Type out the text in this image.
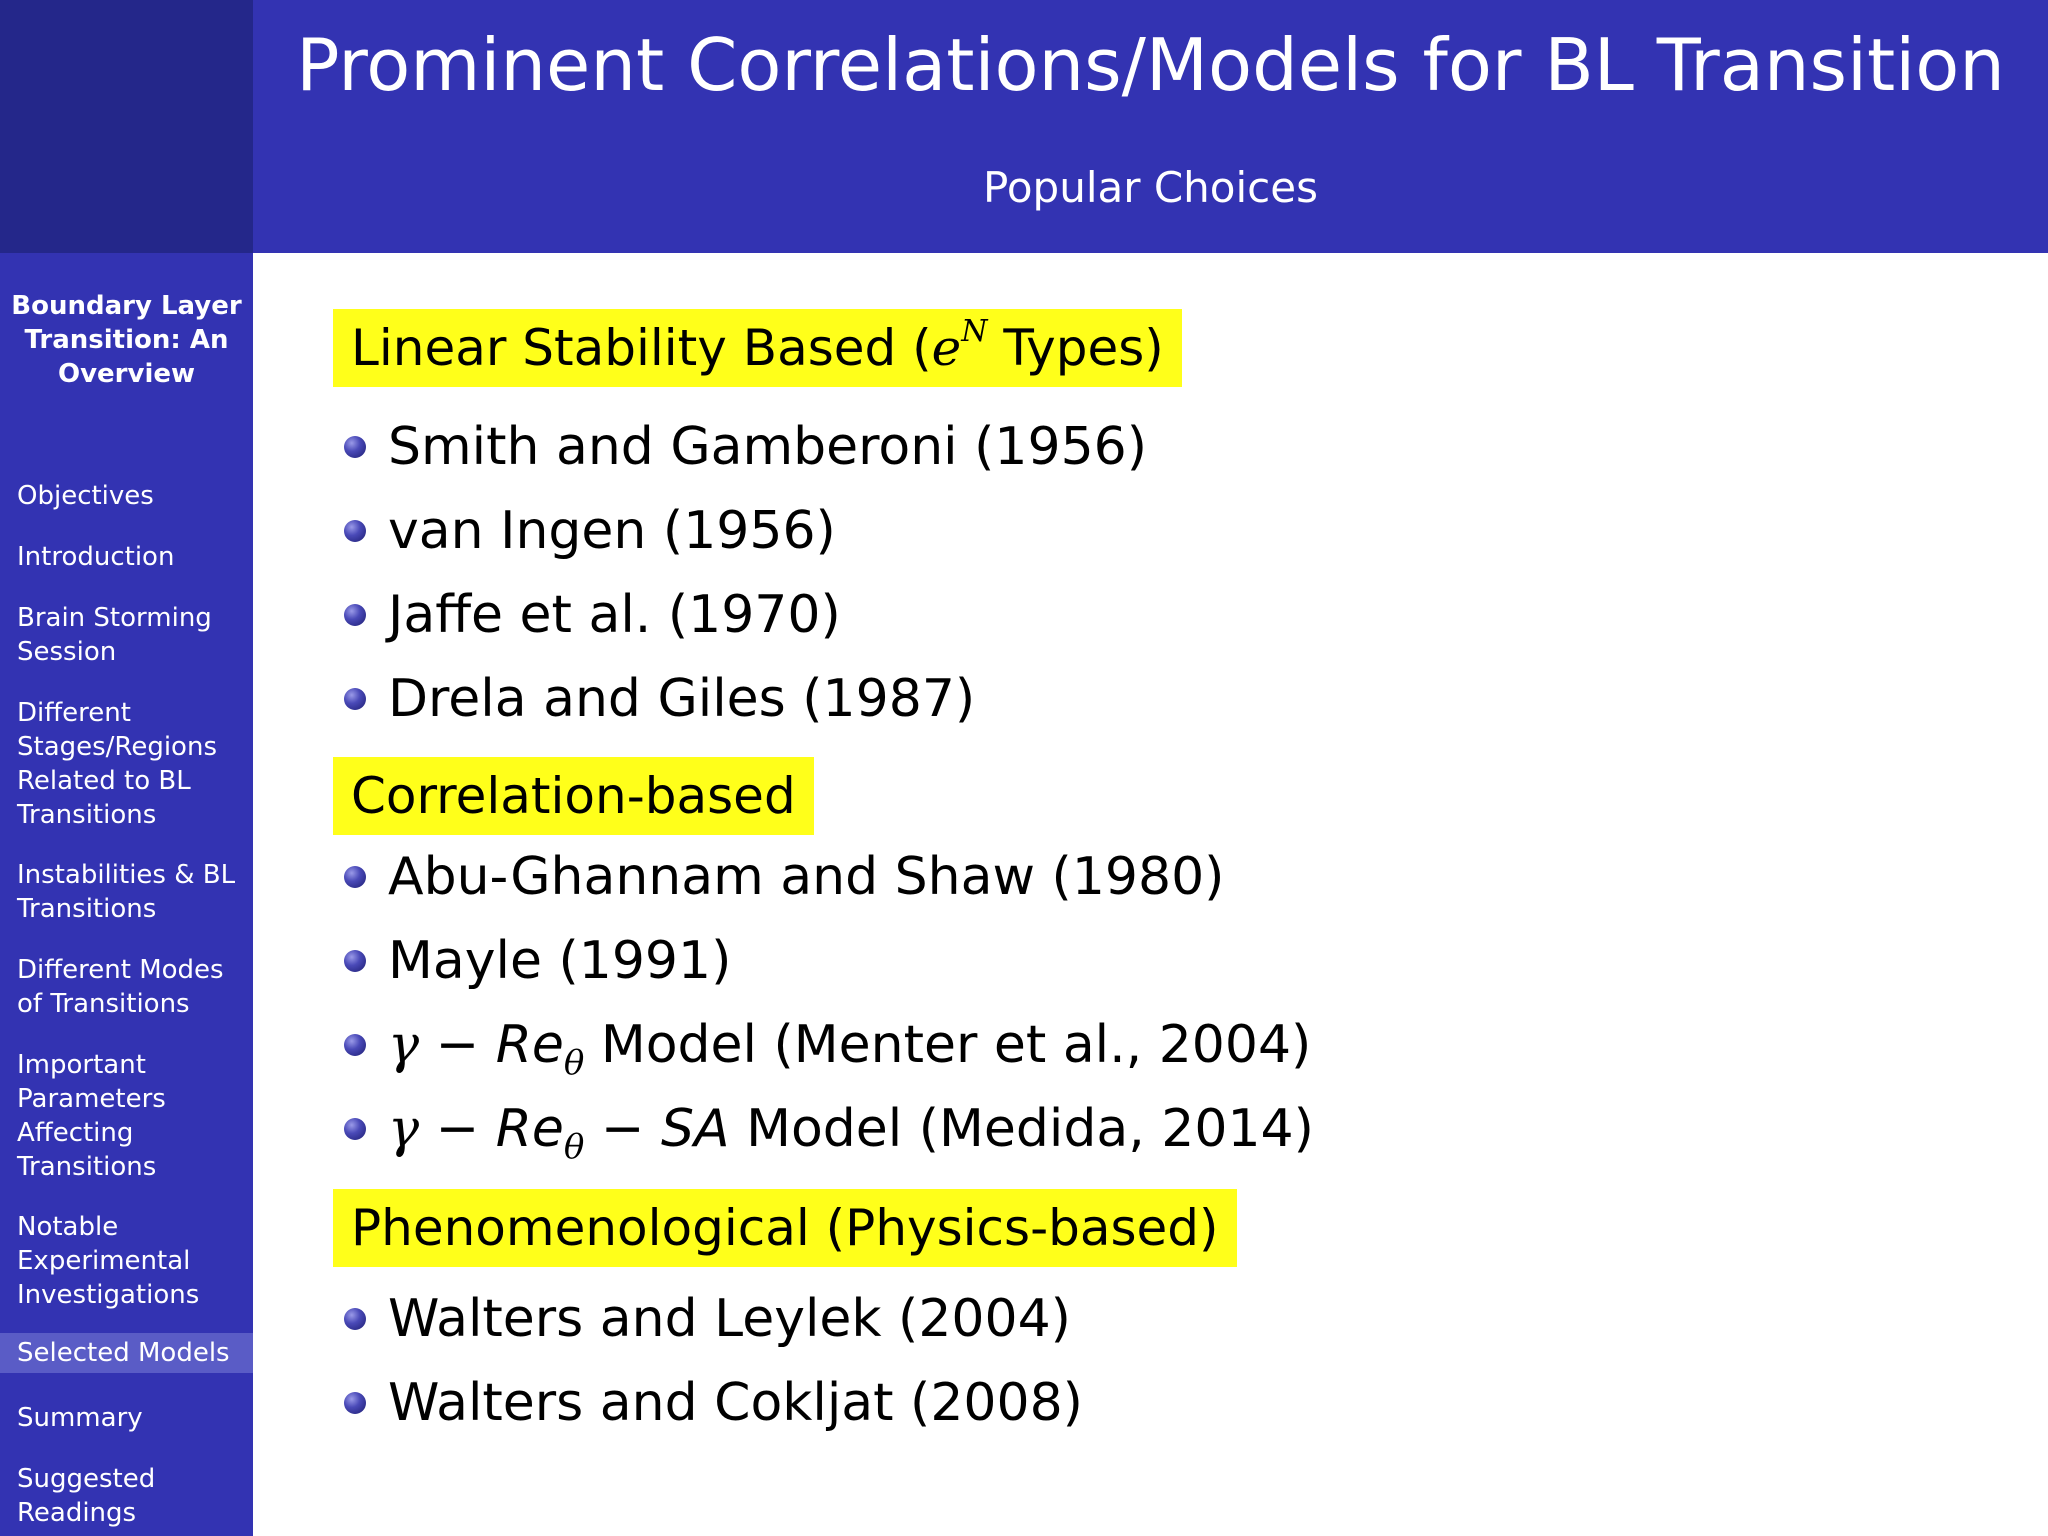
Prominent Correlations/Models for BL Transition
Popular Choices
Boundary Layer Transition: An Overview
Objectives
Introduction
Brain Storming Session
Different Stages/Regions Related to BL Transitions
Instabilities & BL Transitions
Different Modes of Transitions
Important Parameters Affecting Transitions
Notable Experimental Investigations
Selected Models
Summary
Suggested Readings
Linear Stability Based ($e^N$ Types)
Smith and Gamberoni (1956)
van Ingen (1956)
Jaffe et al. (1970)
Drela and Giles (1987)
Correlation-based
Abu-Ghannam and Shaw (1980)
Mayle (1991)
$\gamma - Re_\theta$ Model (Menter et al., 2004)
$\gamma - Re_\theta$ − SA Model (Medida, 2014)
Phenomenological (Physics-based)
Walters and Leylek (2004)
Walters and Cokljat (2008)
